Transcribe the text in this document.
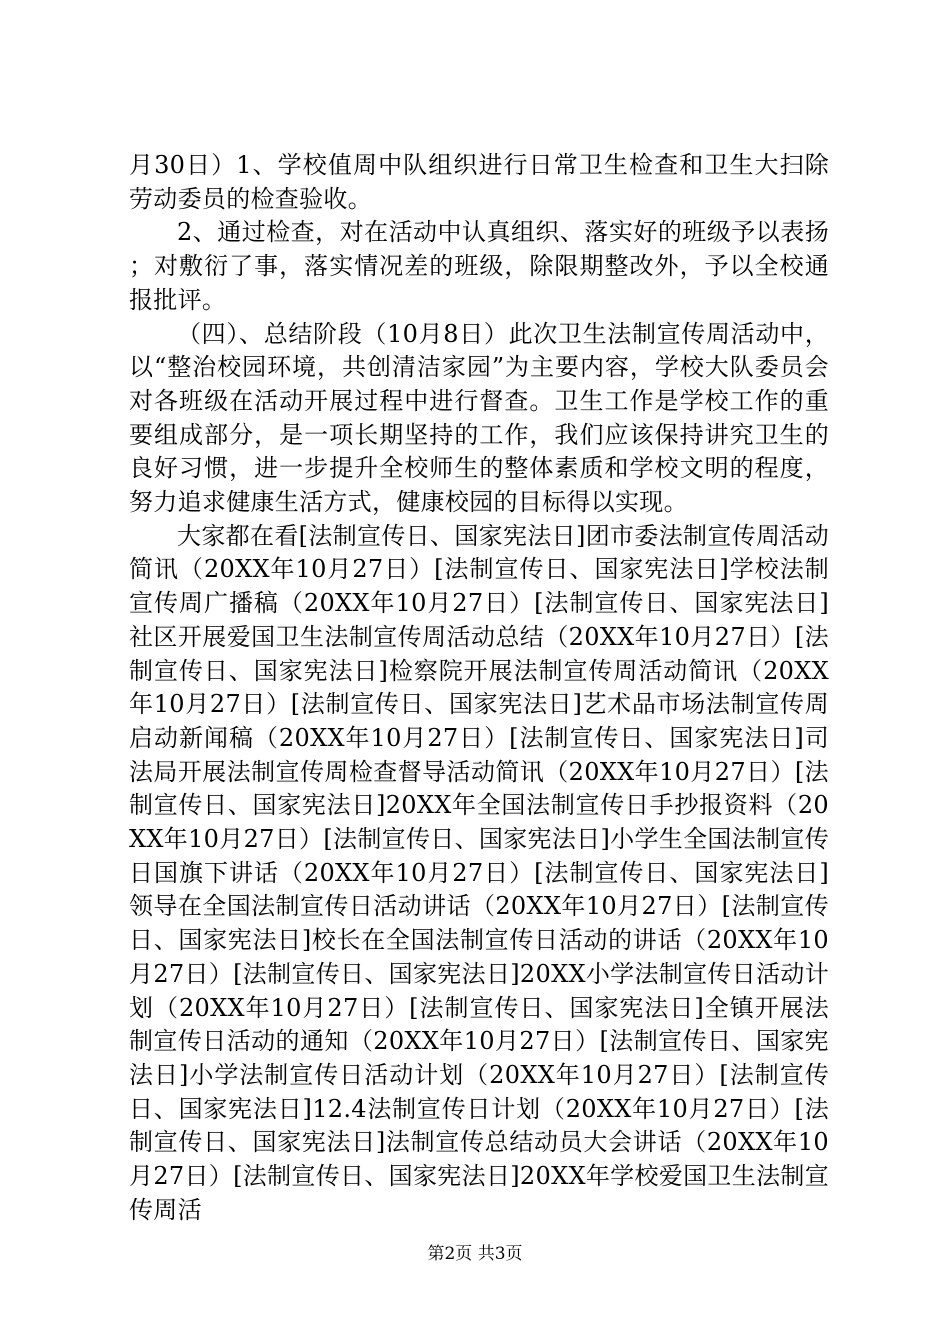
月30日）1、学校值周中队组织进行日常卫生检查和卫生大扫除劳动委员的检查验收。

2、通过检查，对在活动中认真组织、落实好的班级予以表扬；对敷衍了事，落实情况差的班级，除限期整改外，予以全校通报批评。

（四）、总结阶段（10月8日）此次卫生法制宣传周活动中，以“整治校园环境，共创清洁家园”为主要内容，学校大队委员会对各班级在活动开展过程中进行督查。卫生工作是学校工作的重要组成部分，是一项长期坚持的工作，我们应该保持讲究卫生的良好习惯，进一步提升全校师生的整体素质和学校文明的程度，努力追求健康生活方式，健康校园的目标得以实现。

大家都在看[法制宣传日、国家宪法日]团市委法制宣传周活动简讯（20XX年10月27日）[法制宣传日、国家宪法日]学校法制宣传周广播稿（20XX年10月27日）[法制宣传日、国家宪法日]社区开展爱国卫生法制宣传周活动总结（20XX年10月27日）[法制宣传日、国家宪法日]检察院开展法制宣传周活动简讯（20XX年10月27日）[法制宣传日、国家宪法日]艺术品市场法制宣传周启动新闻稿（20XX年10月27日）[法制宣传日、国家宪法日]司法局开展法制宣传周检查督导活动简讯（20XX年10月27日）[法制宣传日、国家宪法日]20XX年全国法制宣传日手抄报资料（20XX年10月27日）[法制宣传日、国家宪法日]小学生全国法制宣传日国旗下讲话（20XX年10月27日）[法制宣传日、国家宪法日]领导在全国法制宣传日活动讲话（20XX年10月27日）[法制宣传日、国家宪法日]校长在全国法制宣传日活动的讲话（20XX年10月27日）[法制宣传日、国家宪法日]20XX小学法制宣传日活动计划（20XX年10月27日）[法制宣传日、国家宪法日]全镇开展法制宣传日活动的通知（20XX年10月27日）[法制宣传日、国家宪法日]小学法制宣传日活动计划（20XX年10月27日）[法制宣传日、国家宪法日]12.4法制宣传日计划（20XX年10月27日）[法制宣传日、国家宪法日]法制宣传总结动员大会讲话（20XX年10月27日）[法制宣传日、国家宪法日]20XX年学校爱国卫生法制宣传周活

第2页 共3页
